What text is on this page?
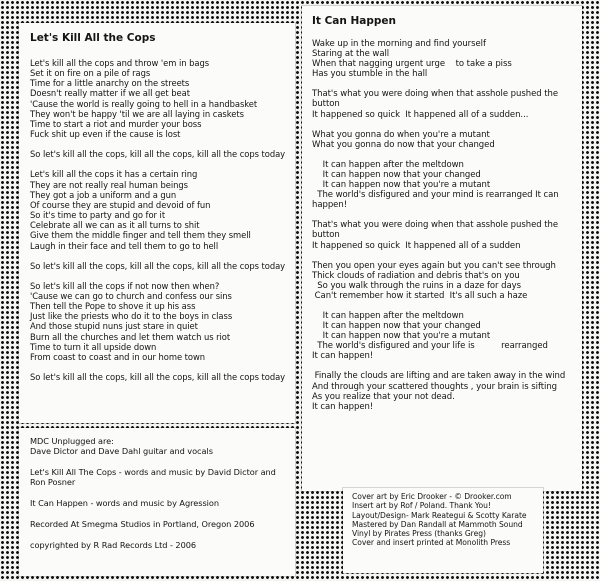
Let's Kill All the Cops
Let's kill all the cops and throw 'em in bags
Set it on fire on a pile of rags
Time for a little anarchy on the streets
Doesn't really matter if we all get beat
'Cause the world is really going to hell in a handbasket
They won't be happy 'til we are all laying in caskets
Time to start a riot and murder your boss
Fuck shit up even if the cause is lost
So let's kill all the cops, kill all the cops, kill all the cops today
Let's kill all the cops it has a certain ring
They are not really real human beings
They got a job a uniform and a gun
Of course they are stupid and devoid of fun
So it's time to party and go for it
Celebrate all we can as it all turns to shit
Give them the middle finger and tell them they smell
Laugh in their face and tell them to go to hell
So let's kill all the cops, kill all the cops, kill all the cops today
So let's kill all the cops if not now then when?
'Cause we can go to church and confess our sins
Then tell the Pope to shove it up his ass
Just like the priests who do it to the boys in class
And those stupid nuns just stare in quiet
Burn all the churches and let them watch us riot
Time to turn it all upside down
From coast to coast and in our home town
So let's kill all the cops, kill all the cops, kill all the cops today
MDC Unplugged are:
Dave Dictor and Dave Dahl guitar and vocals
Let's Kill All The Cops - words and music by David Dictor and
Ron Posner
It Can Happen - words and music by Agression
Recorded At Smegma Studios in Portland, Oregon 2006
copyrighted by R Rad Records Ltd - 2006
It Can Happen
Wake up in the morning and find yourself
Staring at the wall
When that nagging urgent urge    to take a piss
Has you stumble in the hall
That's what you were doing when that asshole pushed the
button
It happened so quick  It happened all of a sudden...
What you gonna do when you're a mutant
What you gonna do now that your changed
It can happen after the meltdown
It can happen now that your changed
It can happen now that you're a mutant
The world's disfigured and your mind is rearranged It can
happen!
That's what you were doing when that asshole pushed the
button
It happened so quick  It happened all of a sudden
Then you open your eyes again but you can't see through
Thick clouds of radiation and debris that's on you
So you walk through the ruins in a daze for days
Can't remember how it started  It's all such a haze
It can happen after the meltdown
It can happen now that your changed
It can happen now that you're a mutant
The world's disfigured and your life is          rearranged
It can happen!
Finally the clouds are lifting and are taken away in the wind
And through your scattered thoughts , your brain is sifting
As you realize that your not dead.
It can happen!
Cover art by Eric Drooker - © Drooker.com
Insert art by Rof / Poland. Thank You!
Layout/Design- Mark Reategui & Scotty Karate
Mastered by Dan Randall at Mammoth Sound
Vinyl by Pirates Press (thanks Greg)
Cover and insert printed at Monolith Press
